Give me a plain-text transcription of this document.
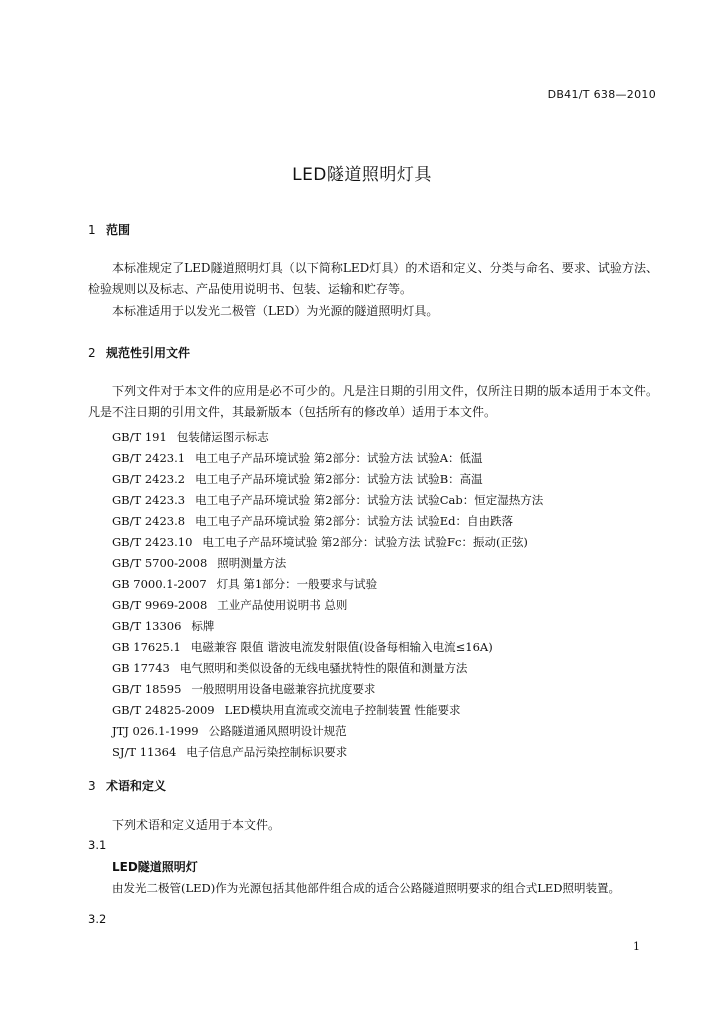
DB41/T 638—2010
LED隧道照明灯具
1 范围
本标准规定了LED隧道照明灯具（以下简称LED灯具）的术语和定义、分类与命名、要求、试验方法、检验规则以及标志、产品使用说明书、包装、运输和贮存等。
本标准适用于以发光二极管（LED）为光源的隧道照明灯具。
2 规范性引用文件
下列文件对于本文件的应用是必不可少的。凡是注日期的引用文件，仅所注日期的版本适用于本文件。凡是不注日期的引用文件，其最新版本（包括所有的修改单）适用于本文件。
GB/T 191 包装储运图示标志
GB/T 2423.1 电工电子产品环境试验 第2部分：试验方法 试验A：低温
GB/T 2423.2 电工电子产品环境试验 第2部分：试验方法 试验B：高温
GB/T 2423.3 电工电子产品环境试验 第2部分：试验方法 试验Cab：恒定湿热方法
GB/T 2423.8 电工电子产品环境试验 第2部分：试验方法 试验Ed：自由跌落
GB/T 2423.10 电工电子产品环境试验 第2部分：试验方法 试验Fc：振动(正弦)
GB/T 5700-2008 照明测量方法
GB 7000.1-2007 灯具 第1部分：一般要求与试验
GB/T 9969-2008 工业产品使用说明书 总则
GB/T 13306 标牌
GB 17625.1 电磁兼容 限值 谐波电流发射限值(设备每相输入电流≤16A)
GB 17743 电气照明和类似设备的无线电骚扰特性的限值和测量方法
GB/T 18595 一般照明用设备电磁兼容抗扰度要求
GB/T 24825-2009 LED模块用直流或交流电子控制装置 性能要求
JTJ 026.1-1999 公路隧道通风照明设计规范
SJ/T 11364 电子信息产品污染控制标识要求
3 术语和定义
下列术语和定义适用于本文件。
3.1
LED隧道照明灯
由发光二极管(LED)作为光源包括其他部件组合成的适合公路隧道照明要求的组合式LED照明装置。
3.2
1
